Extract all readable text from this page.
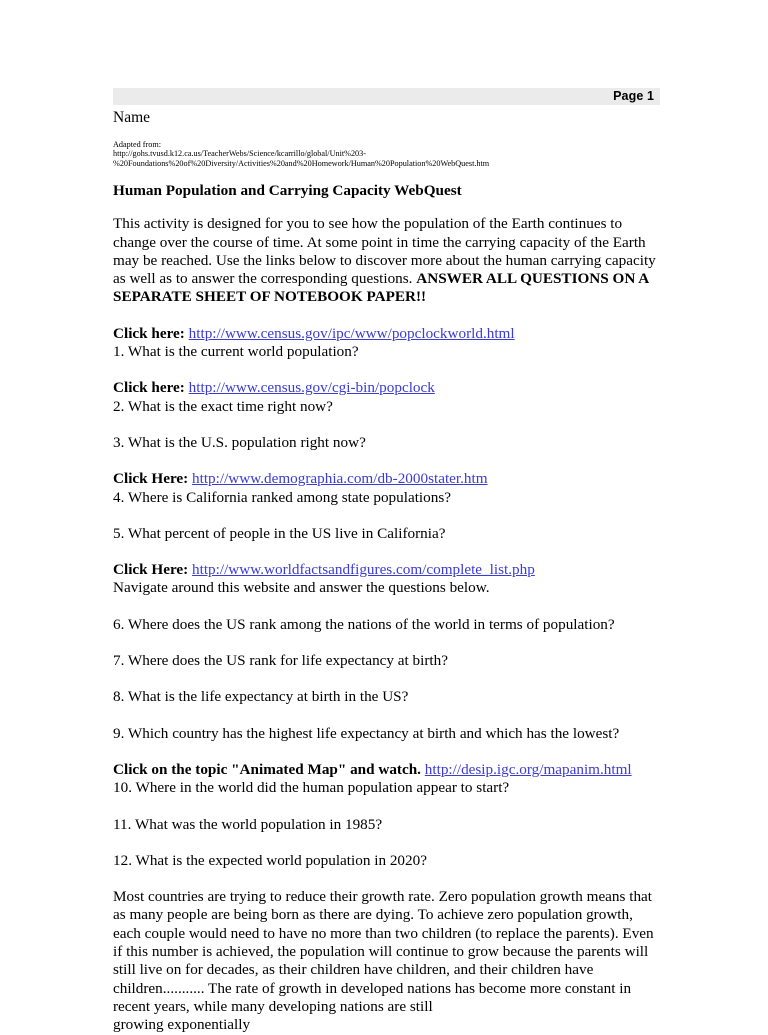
Page 1
Name
Adapted from:
http://gohs.tvusd.k12.ca.us/TeacherWebs/Science/kcarrillo/global/Unit%203-
%20Foundations%20of%20Diversity/Activities%20and%20Homework/Human%20Population%20WebQuest.htm
Human Population and Carrying Capacity WebQuest

This activity is designed for you to see how the population of the Earth continues to change over the course of time. At some point in time the carrying capacity of the Earth may be reached. Use the links below to discover more about the human carrying capacity as well as to answer the corresponding questions. ANSWER ALL QUESTIONS ON A SEPARATE SHEET OF NOTEBOOK PAPER!!

Click here: http://www.census.gov/ipc/www/popclockworld.html

1. What is the current world population?

Click here: http://www.census.gov/cgi-bin/popclock

2. What is the exact time right now?

3. What is the U.S. population right now?

Click Here: http://www.demographia.com/db-2000stater.htm

4. Where is California ranked among state populations?

5. What percent of people in the US live in California?

Click Here: http://www.worldfactsandfigures.com/complete_list.php

Navigate around this website and answer the questions below.

6. Where does the US rank among the nations of the world in terms of population?

7. Where does the US rank for life expectancy at birth?

8. What is the life expectancy at birth in the US?

9. Which country has the highest life expectancy at birth and which has the lowest?

Click on the topic "Animated Map" and watch. http://desip.igc.org/mapanim.html

10. Where in the world did the human population appear to start?

11. What was the world population in 1985?

12. What is the expected world population in 2020?

Most countries are trying to reduce their growth rate. Zero population growth means that as many people are being born as there are dying. To achieve zero population growth, each couple would need to have no more than two children (to replace the parents). Even if this number is achieved, the population will continue to grow because the parents will still live on for decades, as their children have children, and their children have children........... The rate of growth in developed nations has become more constant in recent years, while many developing nations are still

growing exponentially
